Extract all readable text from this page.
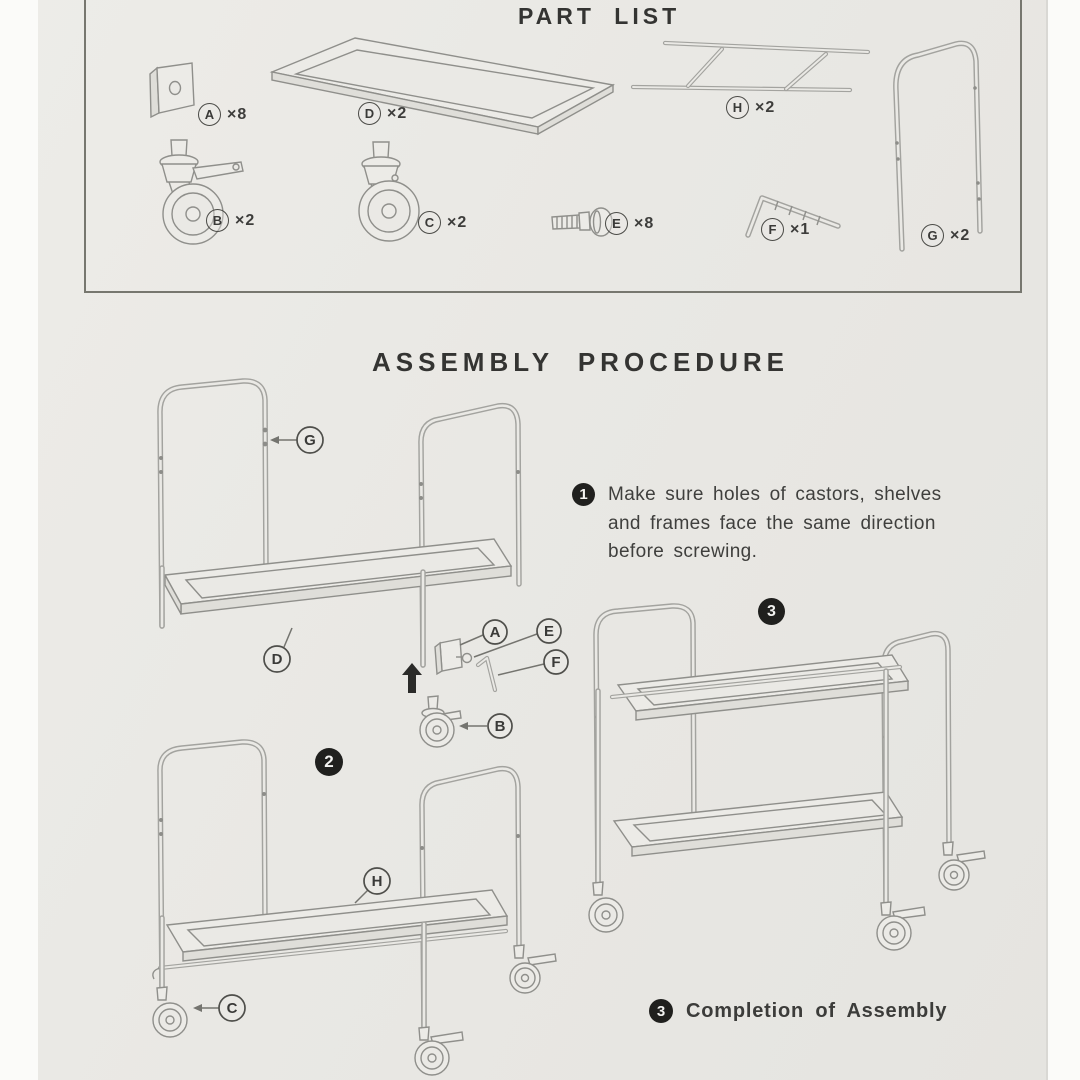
PART LIST
A ×8	D ×2	H ×2
G ×2
B ×2	C ×2	E ×8	F ×1
ASSEMBLY PROCEDURE
1	Make sure holes of castors, shelves
and frames face the same direction
before screwing.
G
D
A	E
F
B
2
H
C
3
3	Completion of Assembly
